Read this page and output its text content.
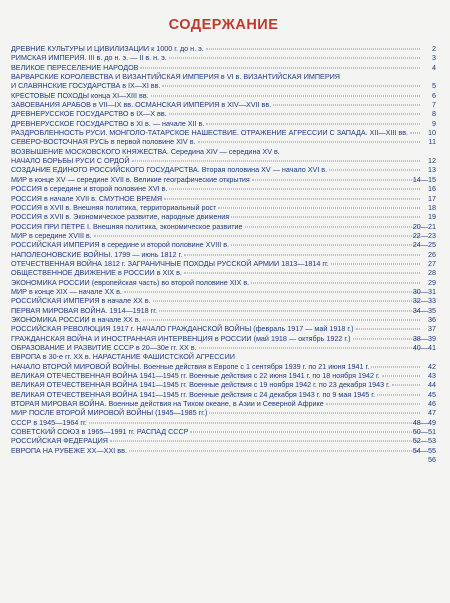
СОДЕРЖАНИЕ
ДРЕВНИЕ КУЛЬТУРЫ И ЦИВИЛИЗАЦИИ к 1000 г. до н. э.	2
РИМСКАЯ ИМПЕРИЯ. III в. до н. э. — II в. н. э.	3
ВЕЛИКОЕ ПЕРЕСЕЛЕНИЕ НАРОДОВ	4
ВАРВАРСКИЕ КОРОЛЕВСТВА И ВИЗАНТИЙСКАЯ ИМПЕРИЯ в VI в. ВИЗАНТИЙСКАЯ ИМПЕРИЯ
И СЛАВЯНСКИЕ ГОСУДАРСТВА в IX—XI вв.	5
КРЕСТОВЫЕ ПОХОДЫ конца XI—XIII вв.	6
ЗАВОЕВАНИЯ АРАБОВ в VII—IX вв. ОСМАНСКАЯ ИМПЕРИЯ в XIV—XVII вв.	7
ДРЕВНЕРУССКОЕ ГОСУДАРСТВО в IX—X вв.	8
ДРЕВНЕРУССКОЕ ГОСУДАРСТВО в XI в. — начале XII в.	9
РАЗДРОБЛЕННОСТЬ РУСИ. МОНГОЛО-ТАТАРСКОЕ НАШЕСТВИЕ. ОТРАЖЕНИЕ АГРЕССИИ С ЗАПАДА. XII—XIII вв.	10
СЕВЕРО-ВОСТОЧНАЯ РУСЬ в первой половине XIV в.	11
ВОЗВЫШЕНИЕ МОСКОВСКОГО КНЯЖЕСТВА. Середина XIV — середина XV в.
НАЧАЛО БОРЬБЫ РУСИ С ОРДОЙ	12
СОЗДАНИЕ ЕДИНОГО РОССИЙСКОГО ГОСУДАРСТВА. Вторая половина XV — начало XVI в.	13
МИР в конце XV — середине XVII в. Великие географические открытия	14—15
РОССИЯ в середине и второй половине XVI в.	16
РОССИЯ в начале XVII в. СМУТНОЕ ВРЕМЯ	17
РОССИЯ в XVII в. Внешняя политика, территориальный рост	18
РОССИЯ в XVII в. Экономическое развитие, народные движения	19
РОССИЯ ПРИ ПЕТРЕ I. Внешняя политика, экономическое развитие	20—21
МИР в середине XVIII в.	22—23
РОССИЙСКАЯ ИМПЕРИЯ в середине и второй половине XVIII в.	24—25
НАПОЛЕОНОВСКИЕ ВОЙНЫ. 1799 — июнь 1812 г.	26
ОТЕЧЕСТВЕННАЯ ВОЙНА 1812 г. ЗАГРАНИЧНЫЕ ПОХОДЫ РУССКОЙ АРМИИ 1813—1814 гг.	27
ОБЩЕСТВЕННОЕ ДВИЖЕНИЕ в РОССИИ в XIX в.	28
ЭКОНОМИКА РОССИИ (европейская часть) во второй половине XIX в.	29
МИР в конце XIX — начале XX в.	30—31
РОССИЙСКАЯ ИМПЕРИЯ в начале XX в.	32—33
ПЕРВАЯ МИРОВАЯ ВОЙНА. 1914—1918 гг.	34—35
ЭКОНОМИКА РОССИИ в начале XX в.	36
РОССИЙСКАЯ РЕВОЛЮЦИЯ 1917 г. НАЧАЛО ГРАЖДАНСКОЙ ВОЙНЫ (февраль 1917 — май 1918 г.)	37
ГРАЖДАНСКАЯ ВОЙНА И ИНОСТРАННАЯ ИНТЕРВЕНЦИЯ в РОССИИ (май 1918 — октябрь 1922 г.)	38—39
ОБРАЗОВАНИЕ И РАЗВИТИЕ СССР в 20—30е гг. XX в.	40—41
ЕВРОПА в 30-е гг. XX в. НАРАСТАНИЕ ФАШИСТСКОЙ АГРЕССИИ
НАЧАЛО ВТОРОЙ МИРОВОЙ ВОЙНЫ. Военные действия в Европе с 1 сентября 1939 г. по 21 июня 1941 г.	42
ВЕЛИКАЯ ОТЕЧЕСТВЕННАЯ ВОЙНА 1941—1945 гг. Военные действия с 22 июня 1941 г. по 18 ноября 1942 г.	43
ВЕЛИКАЯ ОТЕЧЕСТВЕННАЯ ВОЙНА 1941—1945 гг. Военные действия с 19 ноября 1942 г. по 23 декабря 1943 г.	44
ВЕЛИКАЯ ОТЕЧЕСТВЕННАЯ ВОЙНА 1941—1945 гг. Военные действия с 24 декабря 1943 г. по 9 мая 1945 г.	45
ВТОРАЯ МИРОВАЯ ВОЙНА. Военные действия на Тихом океане, в Азии и Северной Африке	46
МИР ПОСЛЕ ВТОРОЙ МИРОВОЙ ВОЙНЫ (1945—1985 гг.)	47
СССР в 1945—1964 гг.	48—49
СОВЕТСКИЙ СОЮЗ в 1965—1991 гг. РАСПАД СССР	50—51
РОССИЙСКАЯ ФЕДЕРАЦИЯ	52—53
ЕВРОПА НА РУБЕЖЕ XX—XXI вв.	54—55
56
